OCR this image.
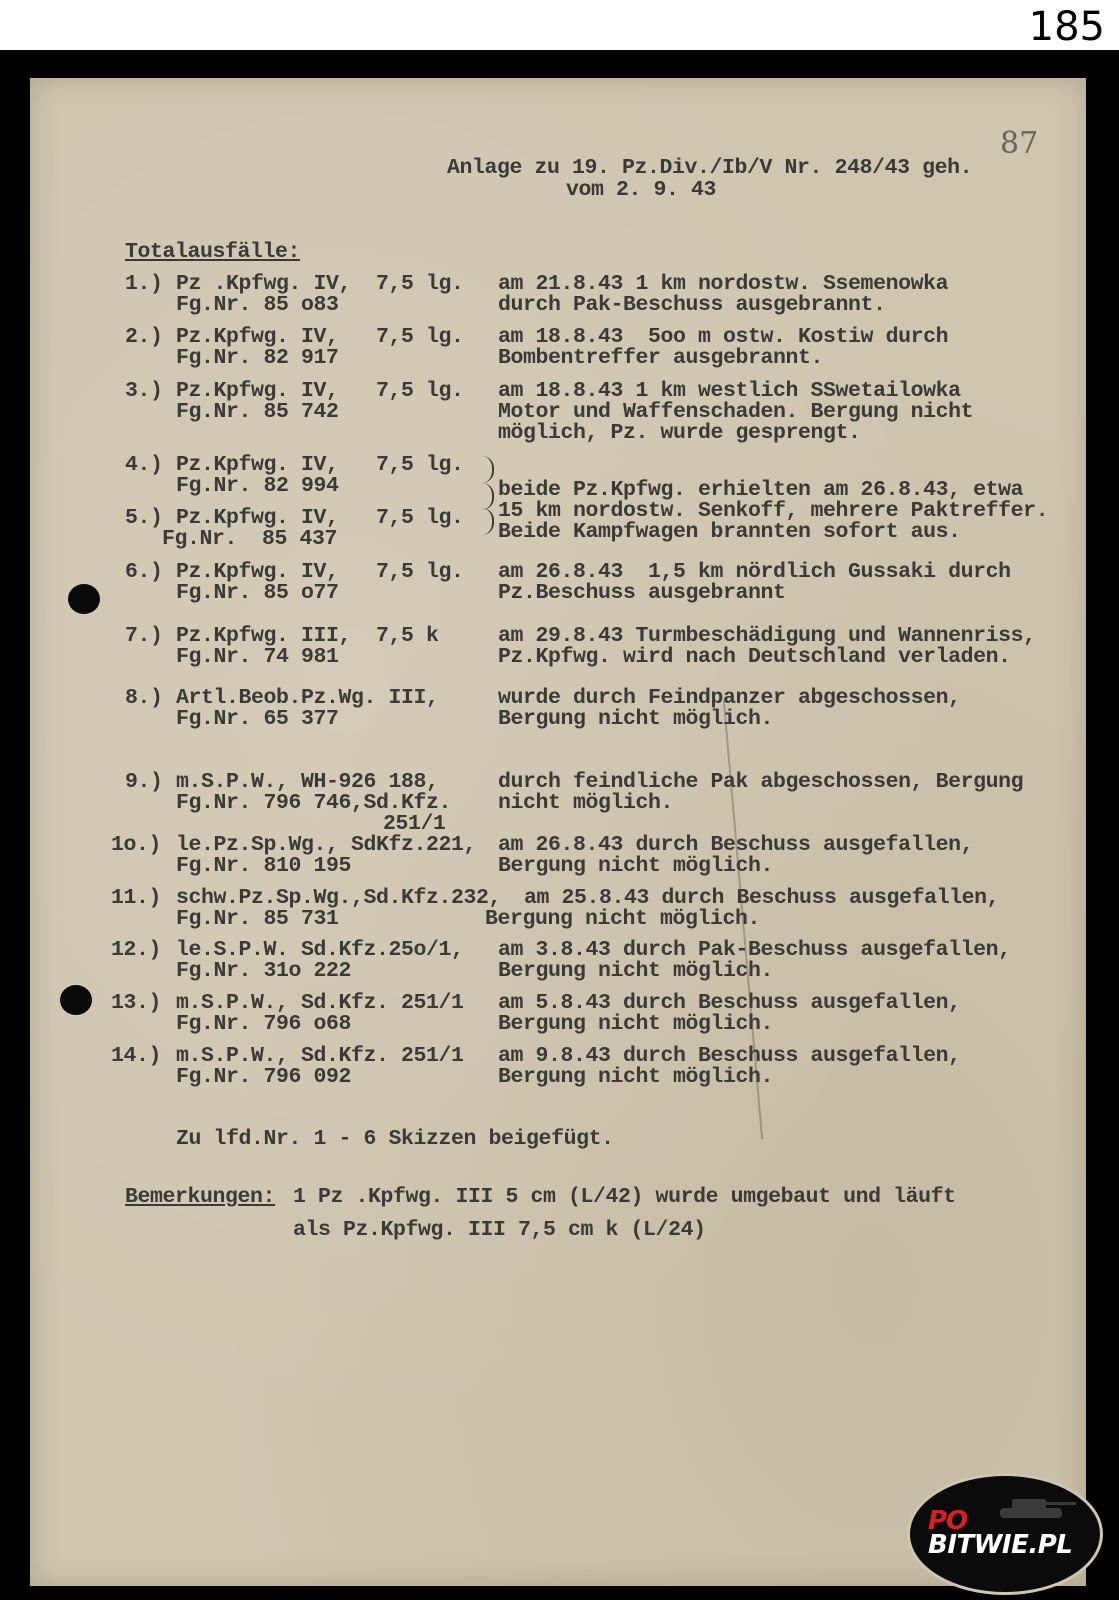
185
87
Anlage zu 19. Pz.Div./Ib/V Nr. 248/43 geh.
vom 2. 9. 43
Totalausfälle:
1.) Pz .Kpfwg. IV,  7,5 lg.
Fg.Nr. 85 o83
am 21.8.43 1 km nordostw. Ssemenowka
durch Pak-Beschuss ausgebrannt.
2.) Pz.Kpfwg. IV,   7,5 lg.
Fg.Nr. 82 917
am 18.8.43  5oo m ostw. Kostiw durch
Bombentreffer ausgebrannt.
3.) Pz.Kpfwg. IV,   7,5 lg.
Fg.Nr. 85 742
am 18.8.43 1 km westlich SSwetailowka
Motor und Waffenschaden. Bergung nicht
möglich, Pz. wurde gesprengt.
4.) Pz.Kpfwg. IV,   7,5 lg.
Fg.Nr. 82 994
5.) Pz.Kpfwg. IV,   7,5 lg.
Fg.Nr.  85 437
beide Pz.Kpfwg. erhielten am 26.8.43, etwa
15 km nordostw. Senkoff, mehrere Paktreffer.
Beide Kampfwagen brannten sofort aus.
6.) Pz.Kpfwg. IV,   7,5 lg.
Fg.Nr. 85 o77
am 26.8.43  1,5 km nördlich Gussaki durch
Pz.Beschuss ausgebrannt
7.) Pz.Kpfwg. III,  7,5 k
Fg.Nr. 74 981
am 29.8.43 Turmbeschädigung und Wannenriss,
Pz.Kpfwg. wird nach Deutschland verladen.
8.) Artl.Beob.Pz.Wg. III,
Fg.Nr. 65 377
wurde durch Feindpanzer abgeschossen,
Bergung nicht möglich.
9.) m.S.P.W., WH-926 188,
Fg.Nr. 796 746,Sd.Kfz.
251/1
durch feindliche Pak abgeschossen, Bergung
nicht möglich.
1o.) le.Pz.Sp.Wg., SdKfz.221,
Fg.Nr. 810 195
am 26.8.43 durch Beschuss ausgefallen,
Bergung nicht möglich.
11.) schw.Pz.Sp.Wg.,Sd.Kfz.232,
Fg.Nr. 85 731
am 25.8.43 durch Beschuss ausgefallen,
Bergung nicht möglich.
12.) le.S.P.W. Sd.Kfz.25o/1,
Fg.Nr. 31o 222
am 3.8.43 durch Pak-Beschuss ausgefallen,
Bergung nicht möglich.
13.) m.S.P.W., Sd.Kfz. 251/1
Fg.Nr. 796 o68
am 5.8.43 durch Beschuss ausgefallen,
Bergung nicht möglich.
14.) m.S.P.W., Sd.Kfz. 251/1
Fg.Nr. 796 092
am 9.8.43 durch Beschuss ausgefallen,
Bergung nicht möglich.
Zu lfd.Nr. 1 - 6 Skizzen beigefügt.
Bemerkungen: 1 Pz .Kpfwg. III 5 cm (L/42) wurde umgebaut und läuft
als Pz.Kpfwg. III 7,5 cm k (L/24)
PO
BITWIE.PL
